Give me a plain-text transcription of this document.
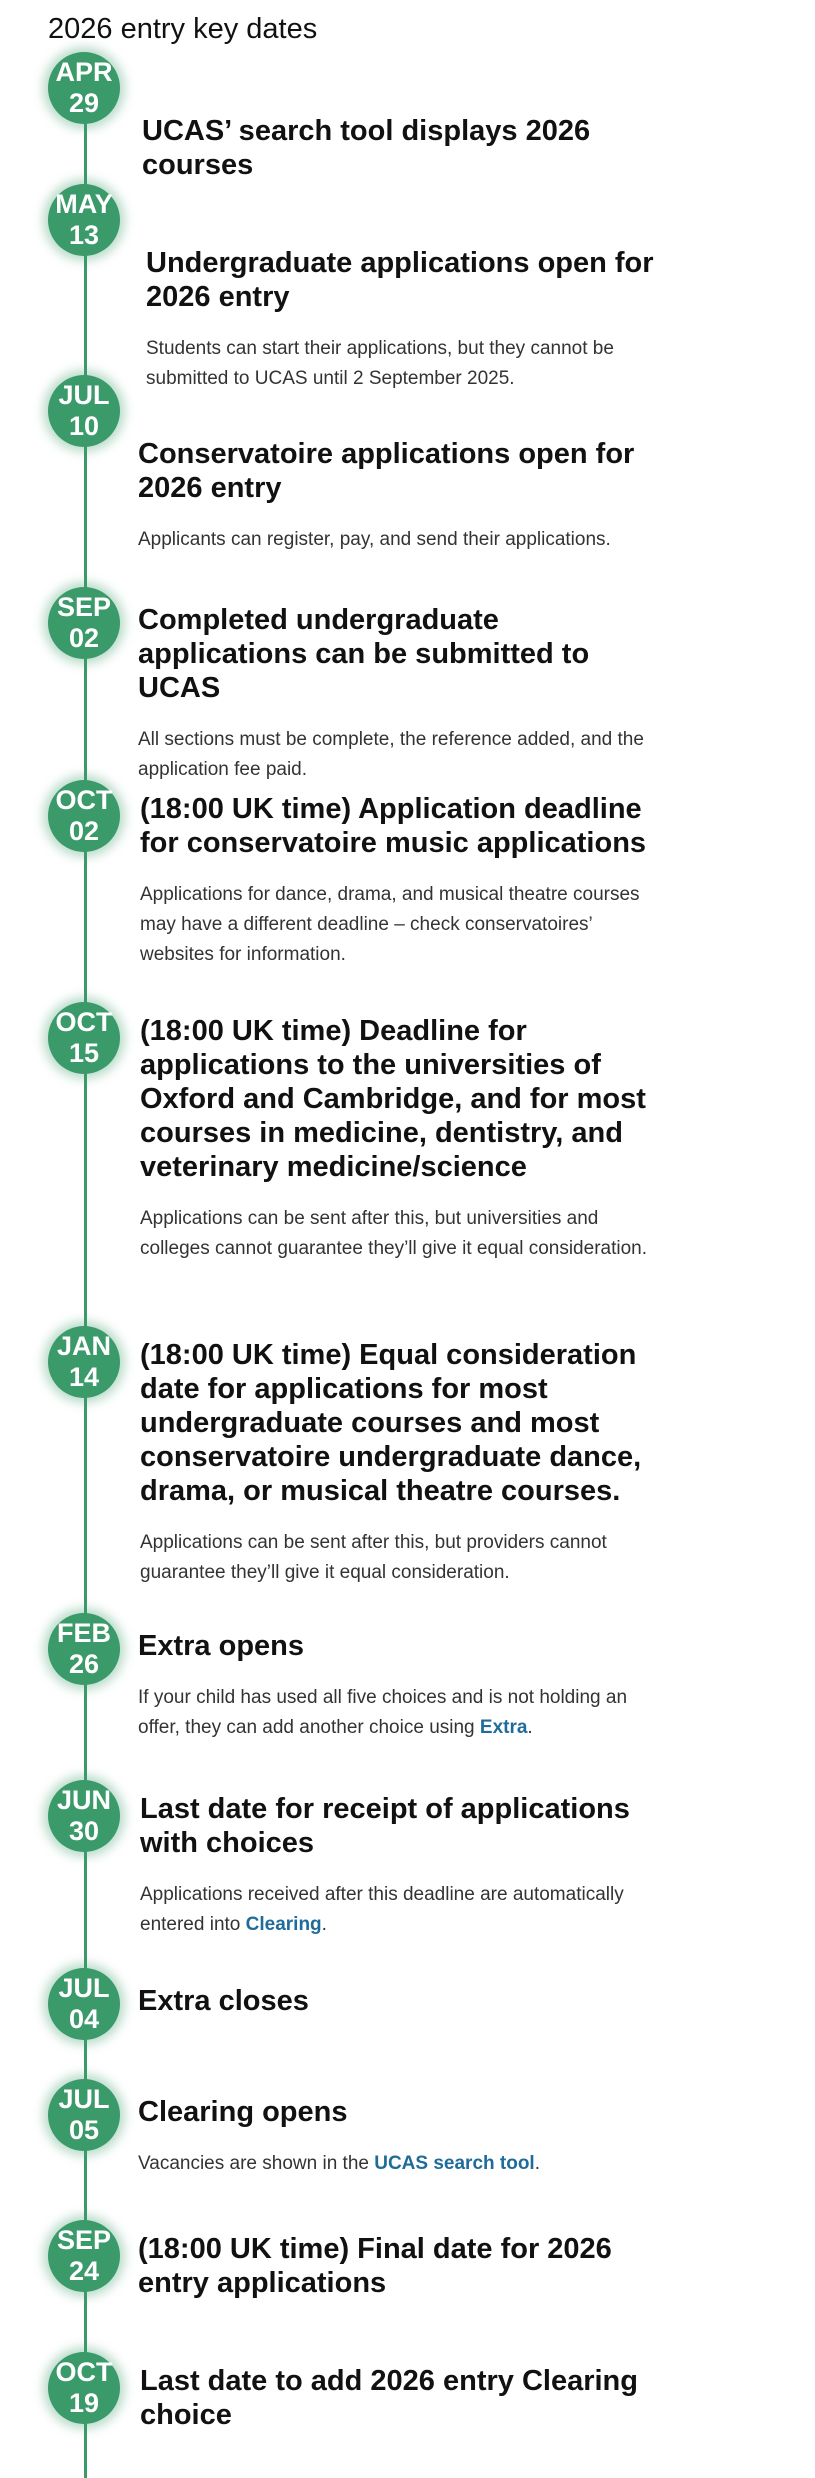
2026 entry key dates
APR
29
UCAS’ search tool displays 2026 courses
MAY
13
Undergraduate applications open for 2026 entry

Students can start their applications, but they cannot be submitted to UCAS until 2 September 2025.

JUL
10
Conservatoire applications open for 2026 entry

Applicants can register, pay, and send their applications.

SEP
02
Completed undergraduate applications can be submitted to UCAS

All sections must be complete, the reference added, and the application fee paid.

OCT
02
(18:00 UK time) Application deadline for conservatoire music applications

Applications for dance, drama, and musical theatre courses may have a different deadline – check conservatoires’ websites for information.

OCT
15
(18:00 UK time) Deadline for applications to the universities of Oxford and Cambridge, and for most courses in medicine, dentistry, and veterinary medicine/science

Applications can be sent after this, but universities and colleges cannot guarantee they’ll give it equal consideration.

JAN
14
(18:00 UK time) Equal consideration date for applications for most undergraduate courses and most conservatoire undergraduate dance, drama, or musical theatre courses.

Applications can be sent after this, but providers cannot guarantee they’ll give it equal consideration.

FEB
26
Extra opens

If your child has used all five choices and is not holding an offer, they can add another choice using Extra.

JUN
30
Last date for receipt of applications with choices

Applications received after this deadline are automatically entered into Clearing.

JUL
04
Extra closes
JUL
05
Clearing opens

Vacancies are shown in the UCAS search tool.

SEP
24
(18:00 UK time) Final date for 2026 entry applications
OCT
19
Last date to add 2026 entry Clearing choice
